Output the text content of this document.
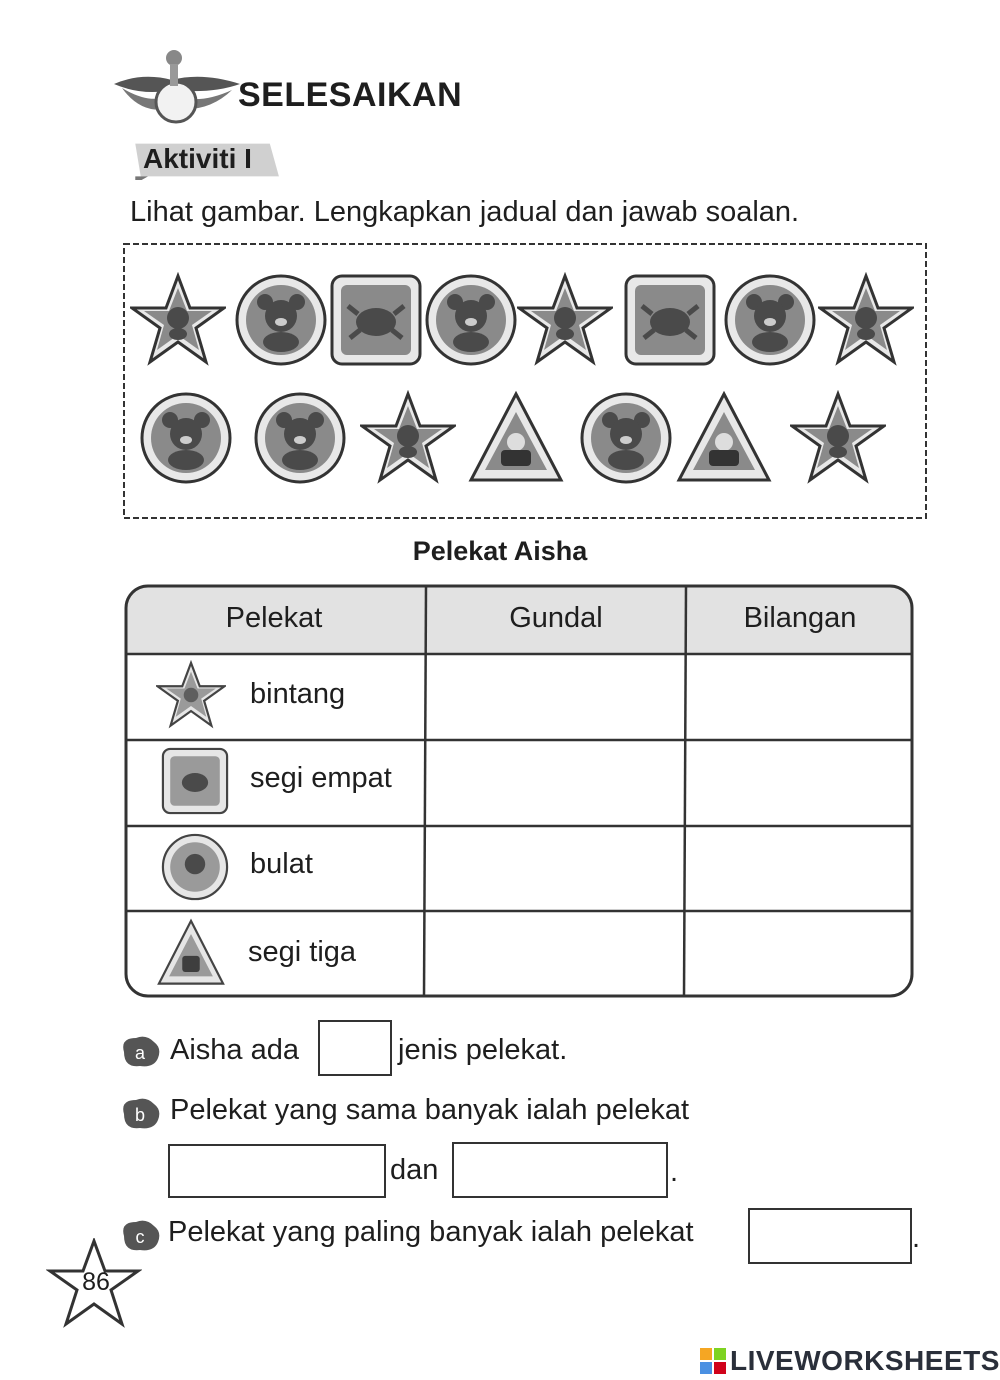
SELESAIKAN
Aktiviti I
Lihat gambar. Lengkapkan jadual dan jawab soalan.
Pelekat Aisha
Pelekat	Gundal	Bilangan
bintang
segi empat
bulat
segi tiga
a Aisha ada	jenis pelekat.
b Pelekat yang sama banyak ialah pelekat
dan	.
c Pelekat yang paling banyak ialah pelekat	.
86
LIVEWORKSHEETS
